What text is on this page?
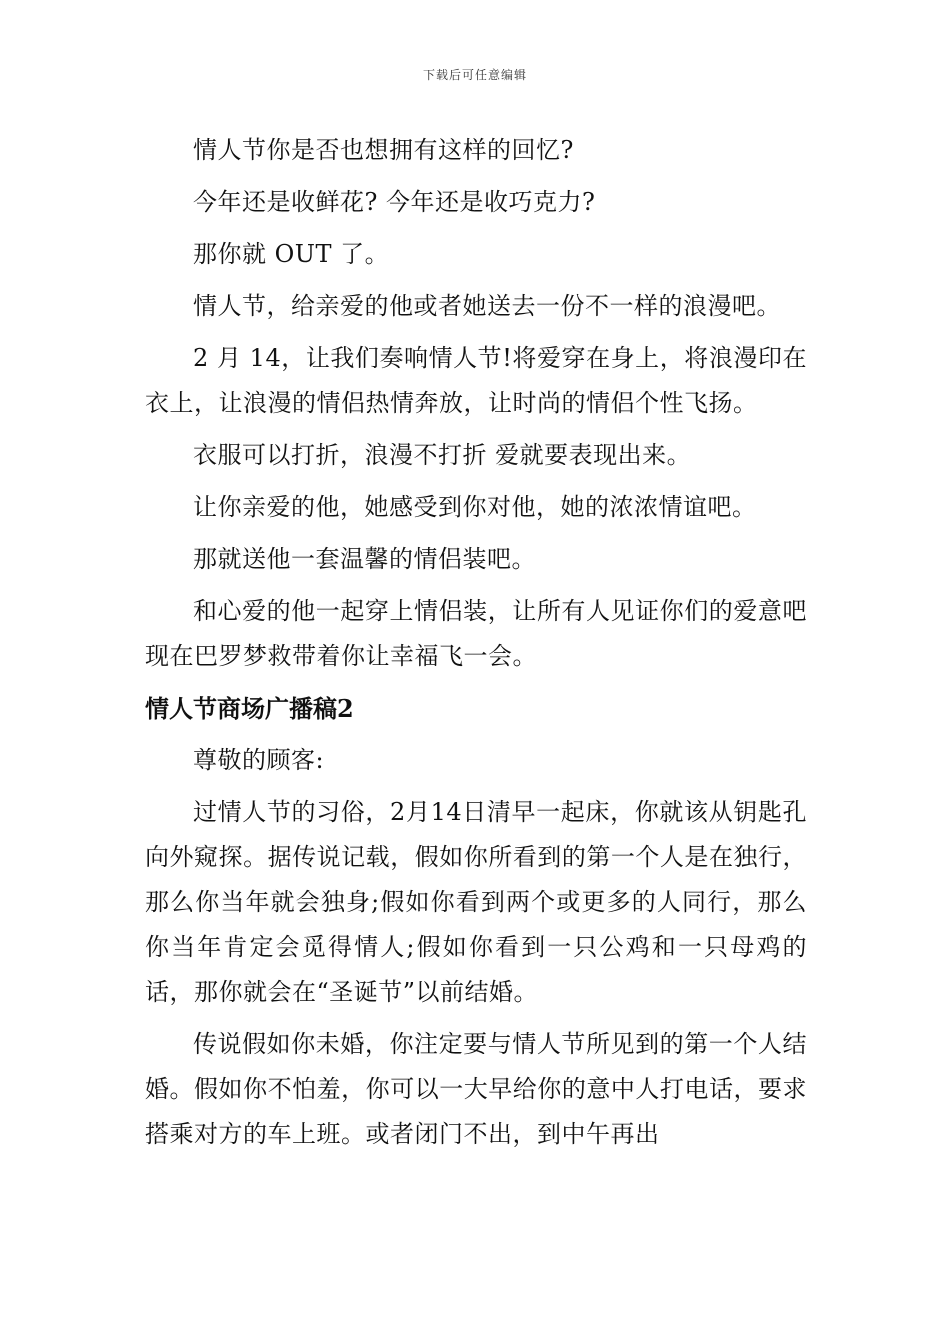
下载后可任意编辑

情人节你是否也想拥有这样的回忆?

今年还是收鲜花? 今年还是收巧克力?

那你就 OUT 了。

情人节，给亲爱的他或者她送去一份不一样的浪漫吧。

2 月 14，让我们奏响情人节!将爱穿在身上，将浪漫印在衣上，让浪漫的情侣热情奔放，让时尚的情侣个性飞扬。

衣服可以打折，浪漫不打折 爱就要表现出来。

让你亲爱的他，她感受到你对他，她的浓浓情谊吧。

那就送他一套温馨的情侣装吧。

和心爱的他一起穿上情侣装，让所有人见证你们的爱意吧 现在巴罗梦救带着你让幸福飞一会。

情人节商场广播稿2

尊敬的顾客:

过情人节的习俗，2月14日清早一起床，你就该从钥匙孔向外窥探。据传说记载，假如你所看到的第一个人是在独行，那么你当年就会独身;假如你看到两个或更多的人同行，那么你当年肯定会觅得情人;假如你看到一只公鸡和一只母鸡的话，那你就会在“圣诞节”以前结婚。

传说假如你未婚，你注定要与情人节所见到的第一个人结婚。假如你不怕羞，你可以一大早给你的意中人打电话，要求搭乘对方的车上班。或者闭门不出，到中午再出
